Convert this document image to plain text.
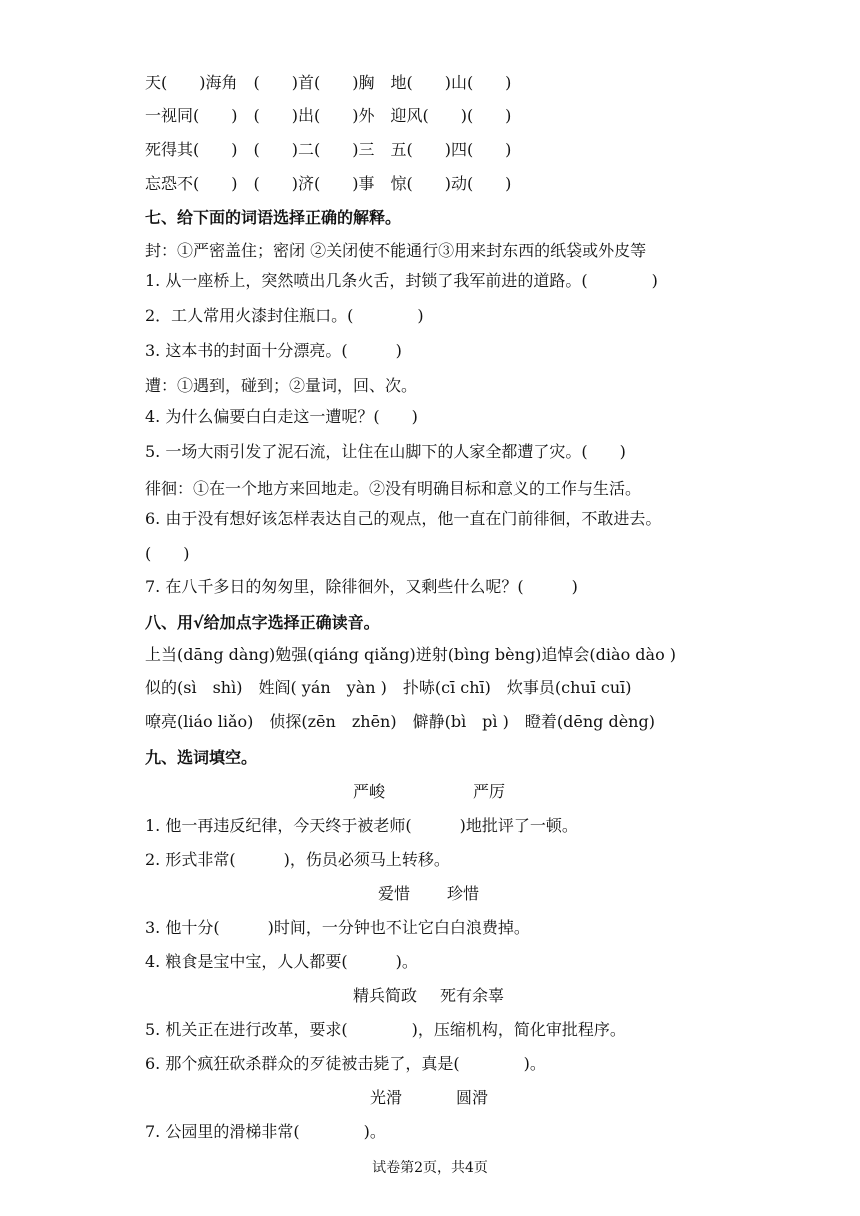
天(　　)海角　(　　)首(　　)胸　地(　　)山(　　)
一视同(　　)　(　　)出(　　)外　迎风(　　)(　　)
死得其(　　)　(　　)二(　　)三　五(　　)四(　　)
忘恐不(　　)　(　　)济(　　)事　惊(　　)动(　　)
七、给下面的词语选择正确的解释。
封：①严密盖住；密闭 ②关闭使不能通行③用来封东西的纸袋或外皮等
1. 从一座桥上，突然喷出几条火舌，封锁了我军前进的道路。(　　　　)
2．工人常用火漆封住瓶口。(　　　　)
3. 这本书的封面十分漂亮。(　　　)
遭：①遇到，碰到；②量词，回、次。
4. 为什么偏要白白走这一遭呢？(　　)
5. 一场大雨引发了泥石流，让住在山脚下的人家全都遭了灾。(　　)
徘徊：①在一个地方来回地走。②没有明确目标和意义的工作与生活。
6. 由于没有想好该怎样表达自己的观点，他一直在门前徘徊，不敢进去。
(　　)
7. 在八千多日的匆匆里，除徘徊外，又剩些什么呢？(　　　)
八、用√给加点字选择正确读音。
上当(dāng dàng)勉强(qiáng qiǎng)迸射(bìng bèng)追悼会(diào dào )
似的(sì　shì)　姓阎( yán　yàn )　扑哧(cī chī)　炊事员(chuī cuī)
嘹亮(liáo liǎo)　侦探(zēn　zhēn)　僻静(bì　pì )　瞪着(dēng dèng)
九、选词填空。
严峻	严厉
1. 他一再违反纪律，今天终于被老师(　　　)地批评了一顿。
2. 形式非常(　　　)，伤员必须马上转移。
爱惜 珍惜
3. 他十分(　　　)时间，一分钟也不让它白白浪费掉。
4. 粮食是宝中宝，人人都要(　　　)。
精兵简政 死有余辜
5. 机关正在进行改革，要求(　　　　)，压缩机构，简化审批程序。
6. 那个疯狂砍杀群众的歹徒被击毙了，真是(　　　　)。
光滑	圆滑
7. 公园里的滑梯非常(　　　　)。
试卷第2页，共4页
